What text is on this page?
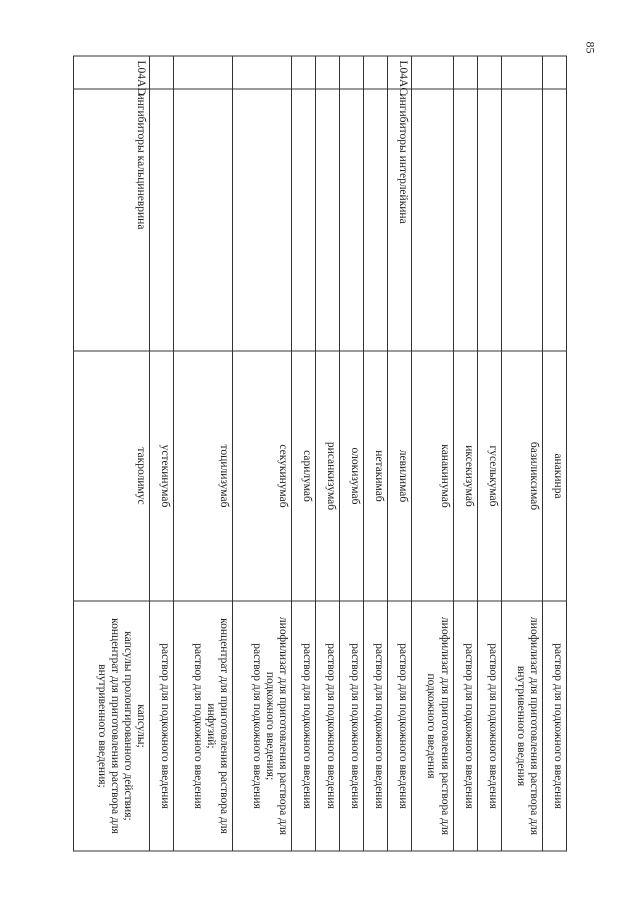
85
		анакинра	раствор для подкожного введения
		базиликсимаб	лиофилизат для приготовления раствора для внутривенного введения
		гуселькумаб	раствор для подкожного введения
		иксекизумаб	раствор для подкожного введения
		канакинумаб	лиофилизат для приготовления раствора для подкожного введения
L04AC	ингибиторы интерлейкина	левилимаб	раствор для подкожного введения
		нетакимаб	раствор для подкожного введения
		олокизумаб	раствор для подкожного введения
		рисанкизумаб	раствор для подкожного введения
		сарилумаб	раствор для подкожного введения
		секукинумаб	лиофилизат для приготовления раствора для подкожного введения;
раствор для подкожного введения

		тоцилизумаб	концентрат для приготовления раствора для инфузий;
раствор для подкожного введения

		устекинумаб	раствор для подкожного введения
L04AD	ингибиторы кальциневрина	такролимус	капсулы;
капсулы пролонгированного действия;
концентрат для приготовления раствора для внутривенного введения;
